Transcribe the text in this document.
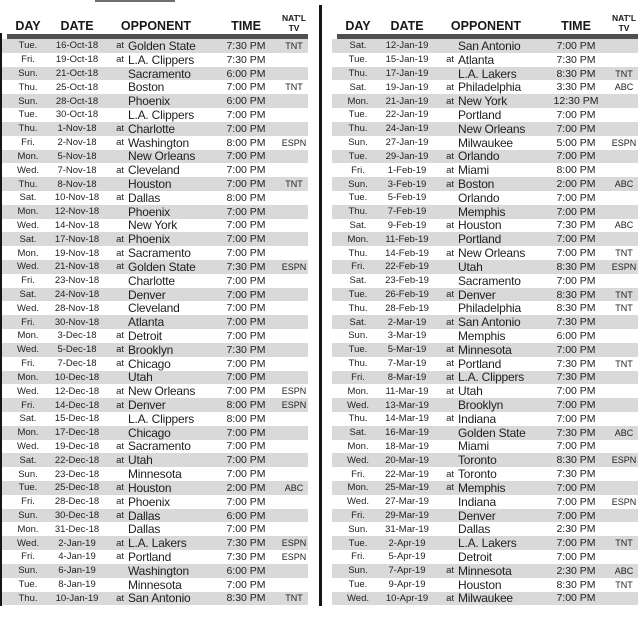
DAY	DATE	OPPONENT	TIME
NAT'L
TV
Tue.	16-Oct-18	at Golden State	7:30 PM	TNT
Fri.	19-Oct-18	at L.A. Clippers	7:30 PM
Sun.	21-Oct-18 Sacramento	6:00 PM
Thu.	25-Oct-18 Boston	7:00 PM	TNT
Sun.	28-Oct-18 Phoenix	6:00 PM
Tue.	30-Oct-18 L.A. Clippers	7:00 PM
Thu.	1-Nov-18	at Charlotte	7:00 PM
Fri.	2-Nov-18	at Washington	8:00 PM	ESPN
Mon.	5-Nov-18	New Orleans	7:00 PM
Wed.	7-Nov-18	at Cleveland	7:00 PM
Thu.	8-Nov-18	Houston	7:00 PM	TNT
Sat.	10-Nov-18	at Dallas	8:00 PM
Mon.	12-Nov-18 Phoenix	7:00 PM
Wed.	14-Nov-18 New York	7:00 PM
Sat.	17-Nov-18	at Phoenix	7:00 PM
Mon.	19-Nov-18	at Sacramento	7:00 PM
Wed.	21-Nov-18	at Golden State	7:30 PM	ESPN
Fri.	23-Nov-18 Charlotte	7:00 PM
Sat.	24-Nov-18 Denver	7:00 PM
Wed.	28-Nov-18 Cleveland	7:00 PM
Fri.	30-Nov-18 Atlanta	7:00 PM
Mon.	3-Dec-18	at Detroit	7:00 PM
Wed.	5-Dec-18	at Brooklyn	7:30 PM
Fri.	7-Dec-18	at Chicago	7:00 PM
Mon.	10-Dec-18 Utah	7:00 PM
Wed.	12-Dec-18	at New Orleans	7:00 PM	ESPN
Fri.	14-Dec-18	at Denver	8:00 PM	ESPN
Sat.	15-Dec-18 L.A. Clippers	8:00 PM
Mon.	17-Dec-18 Chicago	7:00 PM
Wed.	19-Dec-18	at Sacramento	7:00 PM
Sat.	22-Dec-18	at Utah	7:00 PM
Sun.	23-Dec-18 Minnesota	7:00 PM
Tue.	25-Dec-18	at Houston	2:00 PM	ABC
Fri.	28-Dec-18	at Phoenix	7:00 PM
Sun.	30-Dec-18	at Dallas	6:00 PM
Mon.	31-Dec-18 Dallas	7:00 PM
Wed.	2-Jan-19	at L.A. Lakers	7:30 PM	ESPN
Fri.	4-Jan-19	at Portland	7:30 PM	ESPN
Sun.	6-Jan-19	Washington	6:00 PM
Tue.	8-Jan-19	Minnesota	7:00 PM
Thu.	10-Jan-19	at San Antonio	8:30 PM	TNT
DAY	DATE	OPPONENT	TIME
NAT'L
TV
Sat.	12-Jan-19 San Antonio	7:00 PM
Tue.	15-Jan-19	at Atlanta	7:30 PM
Thu.	17-Jan-19 L.A. Lakers	8:30 PM	TNT
Sat.	19-Jan-19	at Philadelphia	3:30 PM	ABC
Mon.	21-Jan-19	at New York	12:30 PM
Tue.	22-Jan-19 Portland	7:00 PM
Thu.	24-Jan-19 New Orleans	7:00 PM
Sun.	27-Jan-19 Milwaukee	5:00 PM	ESPN
Tue.	29-Jan-19	at Orlando	7:00 PM
Fri.	1-Feb-19	at Miami	8:00 PM
Sun.	3-Feb-19	at Boston	2:00 PM	ABC
Tue.	5-Feb-19	Orlando	7:00 PM
Thu.	7-Feb-19	Memphis	7:00 PM
Sat.	9-Feb-19	at Houston	7:30 PM	ABC
Mon.	11-Feb-19 Portland	7:00 PM
Thu.	14-Feb-19	at New Orleans	7:00 PM	TNT
Fri.	22-Feb-19 Utah	8:30 PM	ESPN
Sat.	23-Feb-19 Sacramento	7:00 PM
Tue.	26-Feb-19	at Denver	8:30 PM	TNT
Thu.	28-Feb-19 Philadelphia	8:30 PM	TNT
Sat.	2-Mar-19	at San Antonio	7:30 PM
Sun.	3-Mar-19	Memphis	6:00 PM
Tue.	5-Mar-19	at Minnesota	7:00 PM
Thu.	7-Mar-19	at Portland	7:30 PM	TNT
Fri.	8-Mar-19	at L.A. Clippers	7:30 PM
Mon.	11-Mar-19	at Utah	7:00 PM
Wed.	13-Mar-19 Brooklyn	7:00 PM
Thu.	14-Mar-19	at Indiana	7:00 PM
Sat.	16-Mar-19 Golden State	7:30 PM	ABC
Mon.	18-Mar-19 Miami	7:00 PM
Wed.	20-Mar-19 Toronto	8:30 PM	ESPN
Fri.	22-Mar-19	at Toronto	7:30 PM
Mon.	25-Mar-19	at Memphis	7:00 PM
Wed.	27-Mar-19 Indiana	7:00 PM	ESPN
Fri.	29-Mar-19 Denver	7:00 PM
Sun.	31-Mar-19 Dallas	2:30 PM
Tue.	2-Apr-19	L.A. Lakers	7:00 PM	TNT
Fri.	5-Apr-19	Detroit	7:00 PM
Sun.	7-Apr-19	at Minnesota	2:30 PM	ABC
Tue.	9-Apr-19	Houston	8:30 PM	TNT
Wed.	10-Apr-19	at Milwaukee	7:00 PM
